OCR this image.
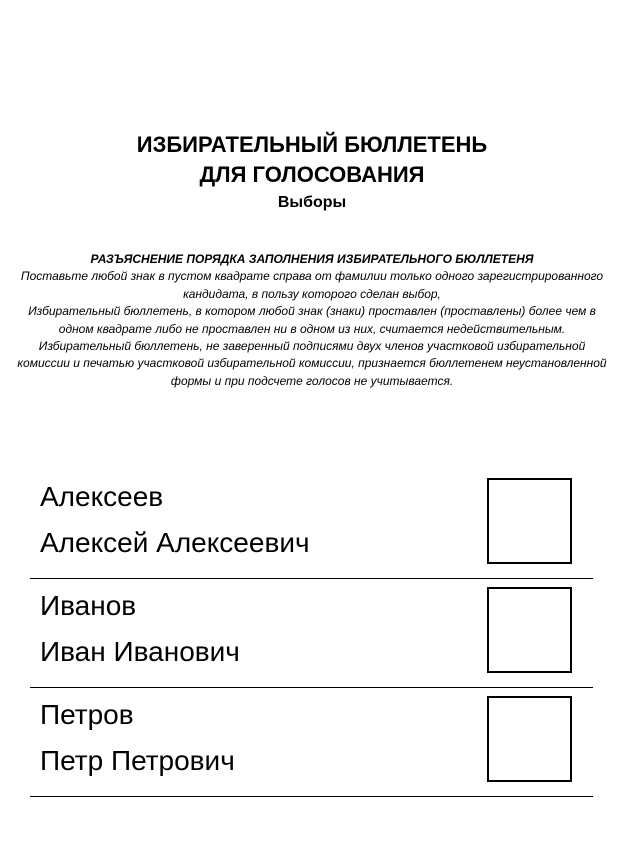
ИЗБИРАТЕЛЬНЫЙ БЮЛЛЕТЕНЬ
ДЛЯ ГОЛОСОВАНИЯ
Выборы

РАЗЪЯСНЕНИЕ ПОРЯДКА ЗАПОЛНЕНИЯ ИЗБИРАТЕЛЬНОГО БЮЛЛЕТЕНЯ

Поставьте любой знак в пустом квадрате справа от фамилии только одного зарегистрированного кандидата, в пользу которого сделан выбор,

Избирательный бюллетень, в котором любой знак (знаки) проставлен (проставлены) более чем в одном квадрате либо не проставлен ни в одном из них, считается недействительным.

Избирательный бюллетень, не заверенный подписями двух членов участковой избирательной комиссии и печатью участковой избирательной комиссии, признается бюллетенем неустановленной формы и при подсчете голосов не учитывается.

Алексеев
Алексей Алексеевич
Иванов
Иван Иванович
Петров
Петр Петрович
